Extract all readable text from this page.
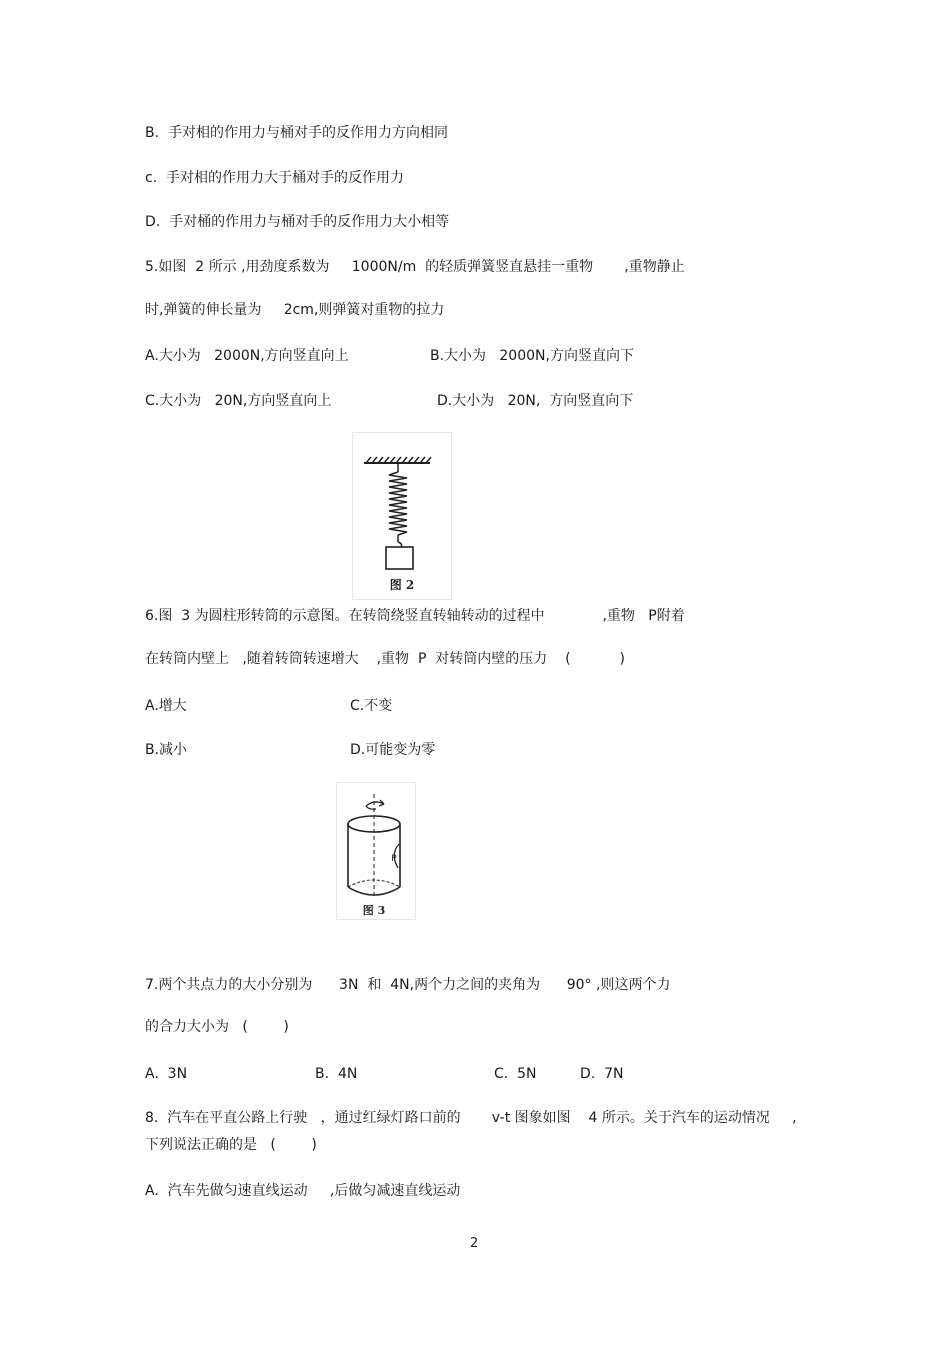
B.  手对相的作用力与桶对手的反作用力方向相同
c.  手对相的作用力大于桶对手的反作用力
D.  手对桶的作用力与桶对手的反作用力大小相等
5.如图  2 所示 ,用劲度系数为     1000N/m  的轻质弹簧竖直悬挂一重物       ,重物静止
时,弹簧的伸长量为     2cm,则弹簧对重物的拉力
A.大小为   2000N,方向竖直向上	B.大小为   2000N,方向竖直向下
C.大小为   20N,方向竖直向上	D.大小为   20N,  方向竖直向下
图 2
6.图  3 为圆柱形转筒的示意图。在转筒绕竖直转轴转动的过程中             ,重物   P附着
在转筒内壁上   ,随着转筒转速增大    ,重物  P  对转筒内壁的压力    (           )
A.增大	C.不变
B.减小	D.可能变为零
P
图 3
7.两个共点力的大小分别为      3N  和  4N,两个力之间的夹角为      90° ,则这两个力
的合力大小为   (        )
A.  3N	B.  4N	C.  5N	D.  7N
8.  汽车在平直公路上行驶   ，通过红绿灯路口前的       v-t 图象如图    4 所示。关于汽车的运动情况     ,
下列说法正确的是   (        )
A.  汽车先做匀速直线运动     ,后做匀减速直线运动
2
